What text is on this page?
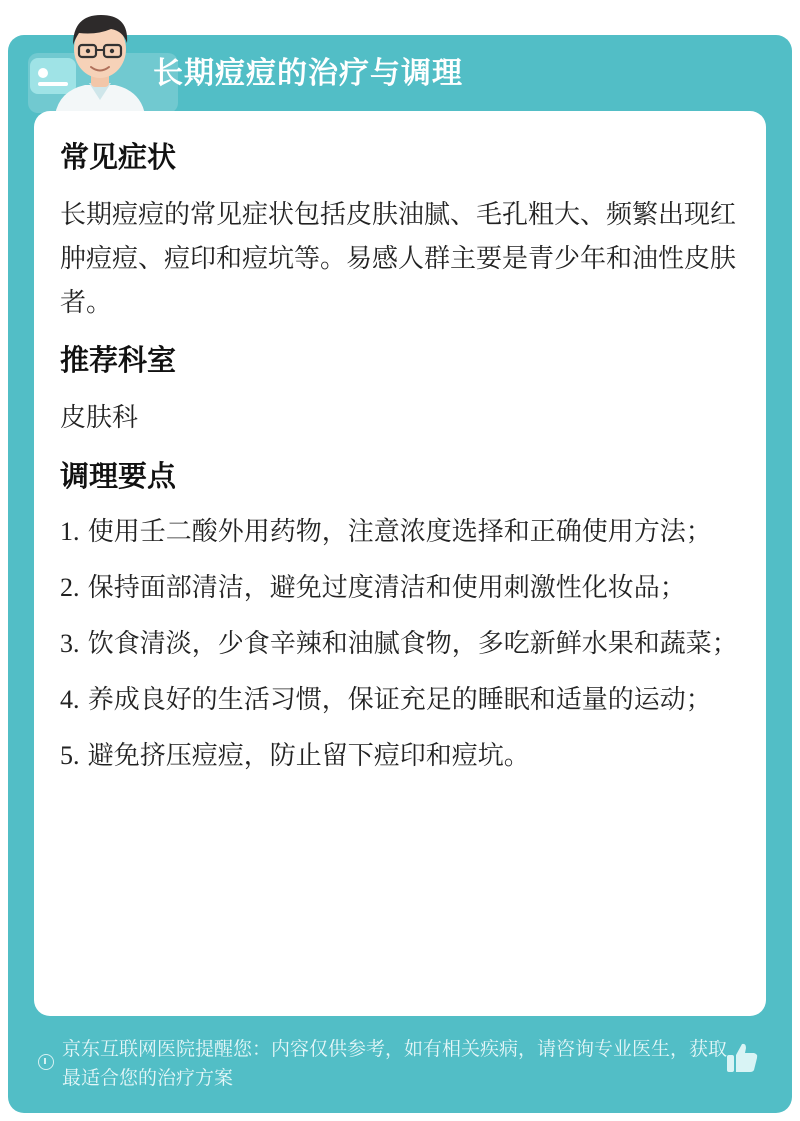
长期痘痘的治疗与调理
常见症状
长期痘痘的常见症状包括皮肤油腻、毛孔粗大、频繁出现红肿痘痘、痘印和痘坑等。易感人群主要是青少年和油性皮肤者。
推荐科室
皮肤科
调理要点
1. 使用壬二酸外用药物，注意浓度选择和正确使用方法；
2. 保持面部清洁，避免过度清洁和使用刺激性化妆品；
3. 饮食清淡，少食辛辣和油腻食物，多吃新鲜水果和蔬菜；
4. 养成良好的生活习惯，保证充足的睡眠和适量的运动；
5. 避免挤压痘痘，防止留下痘印和痘坑。
京东互联网医院提醒您：内容仅供参考，如有相关疾病，请咨询专业医生，获取最适合您的治疗方案
